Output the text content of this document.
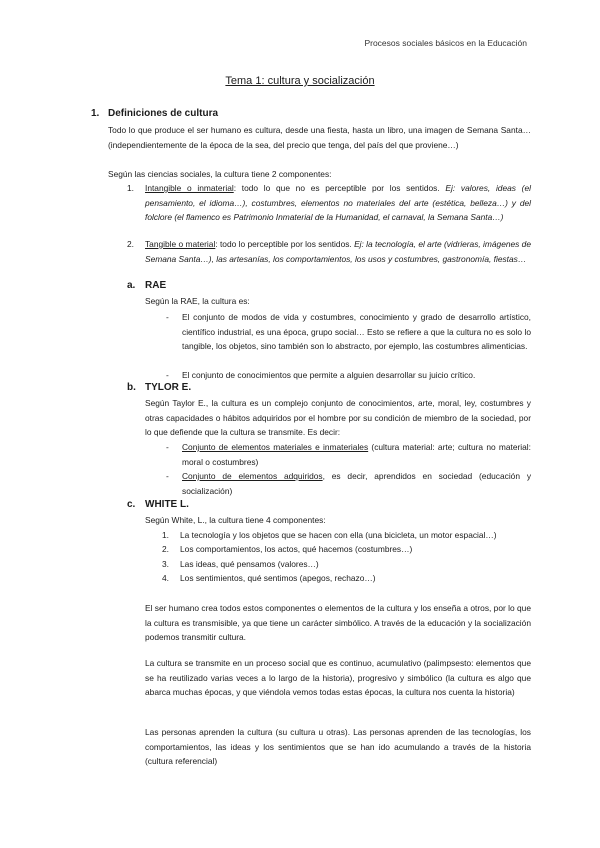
Procesos sociales básicos en la Educación
Tema 1: cultura y socialización
1. Definiciones de cultura
Todo lo que produce el ser humano es cultura, desde una fiesta, hasta un libro, una imagen de Semana Santa… (independientemente de la época de la sea, del precio que tenga, del país del que proviene…)
Según las ciencias sociales, la cultura tiene 2 componentes:
1. Intangible o inmaterial: todo lo que no es perceptible por los sentidos. Ej: valores, ideas (el pensamiento, el idioma…), costumbres, elementos no materiales del arte (estética, belleza…) y del folclore (el flamenco es Patrimonio Inmaterial de la Humanidad, el carnaval, la Semana Santa…)
2. Tangible o material: todo lo perceptible por los sentidos. Ej: la tecnología, el arte (vidrieras, imágenes de Semana Santa…), las artesanías, los comportamientos, los usos y costumbres, gastronomía, fiestas…
a. RAE
Según la RAE, la cultura es:
- El conjunto de modos de vida y costumbres, conocimiento y grado de desarrollo artístico, científico industrial, es una época, grupo social… Esto se refiere a que la cultura no es solo lo tangible, los objetos, sino también son lo abstracto, por ejemplo, las costumbres alimenticias.
- El conjunto de conocimientos que permite a alguien desarrollar su juicio crítico.
b. TYLOR E.
Según Taylor E., la cultura es un complejo conjunto de conocimientos, arte, moral, ley, costumbres y otras capacidades o hábitos adquiridos por el hombre por su condición de miembro de la sociedad, por lo que defiende que la cultura se transmite. Es decir:
- Conjunto de elementos materiales e inmateriales (cultura material: arte; cultura no material: moral o costumbres)
- Conjunto de elementos adquiridos, es decir, aprendidos en sociedad (educación y socialización)
c. WHITE L.
Según White, L., la cultura tiene 4 componentes:
1. La tecnología y los objetos que se hacen con ella (una bicicleta, un motor espacial…)
2. Los comportamientos, los actos, qué hacemos (costumbres…)
3. Las ideas, qué pensamos (valores…)
4. Los sentimientos, qué sentimos (apegos, rechazo…)
El ser humano crea todos estos componentes o elementos de la cultura y los enseña a otros, por lo que la cultura es transmisible, ya que tiene un carácter simbólico. A través de la educación y la socialización podemos transmitir cultura.
La cultura se transmite en un proceso social que es continuo, acumulativo (palimpsesto: elementos que se ha reutilizado varias veces a lo largo de la historia), progresivo y simbólico (la cultura es algo que abarca muchas épocas, y que viéndola vemos todas estas épocas, la cultura nos cuenta la historia)
Las personas aprenden la cultura (su cultura u otras). Las personas aprenden de las tecnologías, los comportamientos, las ideas y los sentimientos que se han ido acumulando a través de la historia (cultura referencial)
